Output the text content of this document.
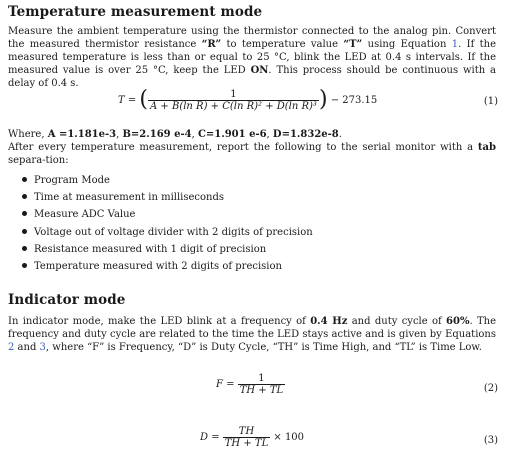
Temperature measurement mode
Measure the ambient temperature using the thermistor connected to the analog pin. Convert the measured thermistor resistance “R” to temperature value “T” using Equation 1. If the measured temperature is less than or equal to 25 °C, blink the LED at 0.4 s intervals. If the measured value is over 25 °C, keep the LED ON. This process should be continuous with a delay of 0.4 s.
T = ( $\frac{1}{\text{A + B(ln R) + C(ln R)² + D(ln R)³}}$ ) − 273.15	(1)
Where, A =1.181e-3, B=2.169 e-4, C=1.901 e-6, D=1.832e-8.
After every temperature measurement, report the following to the serial monitor with a tab separa-tion:
Program Mode
Time at measurement in milliseconds
Measure ADC Value
Voltage out of voltage divider with 2 digits of precision
Resistance measured with 1 digit of precision
Temperature measured with 2 digits of precision
Indicator mode
In indicator mode, make the LED blink at a frequency of 0.4 Hz and duty cycle of 60%. The frequency and duty cycle are related to the time the LED stays active and is given by Equations 2 and 3, where “F” is Frequency, “D” is Duty Cycle, “TH” is Time High, and “TL” is Time Low.
$F = \frac{1}{TH + TL}$	(2)
$D = \frac{TH}{TH + TL} \times 100$	(3)
